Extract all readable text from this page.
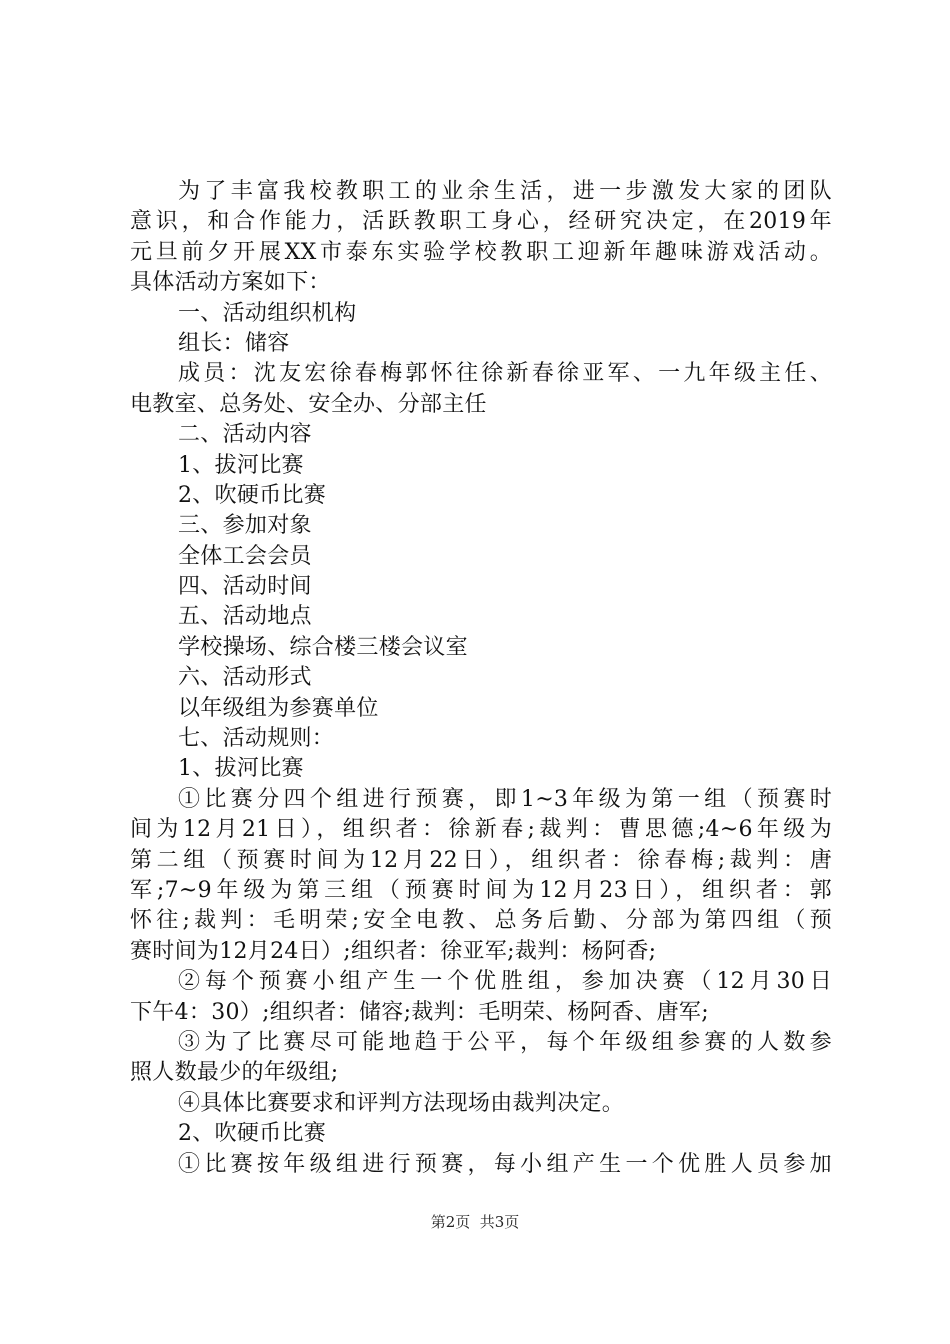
为了丰富我校教职工的业余生活，进一步激发大家的团队
意识，和合作能力，活跃教职工身心，经研究决定，在2019年
元旦前夕开展XX市泰东实验学校教职工迎新年趣味游戏活动。
具体活动方案如下：
一、活动组织机构
组长：储容
成员：沈友宏徐春梅郭怀往徐新春徐亚军、一九年级主任、
电教室、总务处、安全办、分部主任
二、活动内容
1、拔河比赛
2、吹硬币比赛
三、参加对象
全体工会会员
四、活动时间
五、活动地点
学校操场、综合楼三楼会议室
六、活动形式
以年级组为参赛单位
七、活动规则：
1、拔河比赛
①比赛分四个组进行预赛，即1~3年级为第一组（预赛时
间为12月21日），组织者：徐新春;裁判：曹思德;4~6年级为
第二组（预赛时间为12月22日），组织者：徐春梅;裁判：唐
军;7~9年级为第三组（预赛时间为12月23日），组织者：郭
怀往;裁判：毛明荣;安全电教、总务后勤、分部为第四组（预
赛时间为12月24日）;组织者：徐亚军;裁判：杨阿香;
②每个预赛小组产生一个优胜组，参加决赛（12月30日
下午4：30）;组织者：储容;裁判：毛明荣、杨阿香、唐军;
③为了比赛尽可能地趋于公平，每个年级组参赛的人数参
照人数最少的年级组;
④具体比赛要求和评判方法现场由裁判决定。
2、吹硬币比赛
①比赛按年级组进行预赛，每小组产生一个优胜人员参加
第2页  共3页
